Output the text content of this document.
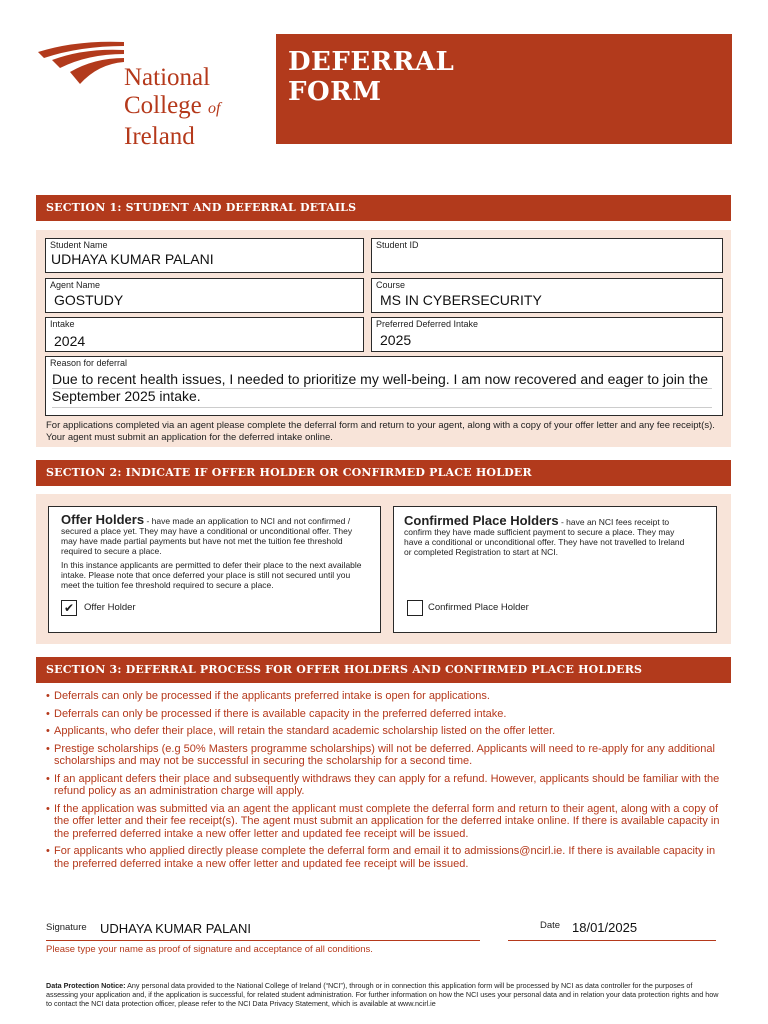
National
College of
Ireland
DEFERRAL
FORM
SECTION 1: STUDENT AND DEFERRAL DETAILS
Student Name
UDHAYA KUMAR PALANI
Student ID
Agent Name
GOSTUDY
Course
MS IN CYBERSECURITY
Intake
2024
Preferred Deferred Intake
2025
Reason for deferral
Due to recent health issues, I needed to prioritize my well-being. I am now recovered and eager to join the September 2025 intake.
For applications completed via an agent please complete the deferral form and return to your agent, along with a copy of your offer letter and any fee receipt(s). Your agent must submit an application for the deferred intake online.
SECTION 2: INDICATE IF OFFER HOLDER OR CONFIRMED PLACE HOLDER
Offer Holders - have made an application to NCI and not confirmed / secured a place yet. They may have a conditional or unconditional offer. They may have made partial payments but have not met the tuition fee threshold required to secure a place.
In this instance applicants are permitted to defer their place to the next available intake. Please note that once deferred your place is still not secured until you meet the tuition fee threshold required to secure a place.
✔	Offer Holder
Confirmed Place Holders - have an NCI fees receipt to confirm they have made sufficient payment to secure a place. They may have a conditional or unconditional offer. They have not travelled to Ireland or completed Registration to start at NCI.
Confirmed Place Holder
SECTION 3: DEFERRAL PROCESS FOR OFFER HOLDERS AND CONFIRMED PLACE HOLDERS
• Deferrals can only be processed if the applicants preferred intake is open for applications.
• Deferrals can only be processed if there is available capacity in the preferred deferred intake.
• Applicants, who defer their place, will retain the standard academic scholarship listed on the offer letter.
• Prestige scholarships (e.g 50% Masters programme scholarships) will not be deferred. Applicants will need to re-apply for any additional scholarships and may not be successful in securing the scholarship for a second time.
• If an applicant defers their place and subsequently withdraws they can apply for a refund. However, applicants should be familiar with the refund policy as an administration charge will apply.
• If the application was submitted via an agent the applicant must complete the deferral form and return to their agent, along with a copy of the offer letter and their fee receipt(s). The agent must submit an application for the deferred intake online. If there is available capacity in the preferred deferred intake a new offer letter and updated fee receipt will be issued.
• For applicants who applied directly please complete the deferral form and email it to admissions@ncirl.ie. If there is available capacity in the preferred deferred intake a new offer letter and updated fee receipt will be issued.
Signature UDHAYA KUMAR PALANI	Date 18/01/2025
Please type your name as proof of signature and acceptance of all conditions.
Data Protection Notice: Any personal data provided to the National College of Ireland (“NCI”), through or in connection this application form will be processed by NCI as data controller for the purposes of assessing your application and, if the application is successful, for related student administration. For further information on how the NCI uses your personal data and in relation your data protection rights and how to contact the NCI data protection officer, please refer to the NCI Data Privacy Statement, which is available at www.ncirl.ie
